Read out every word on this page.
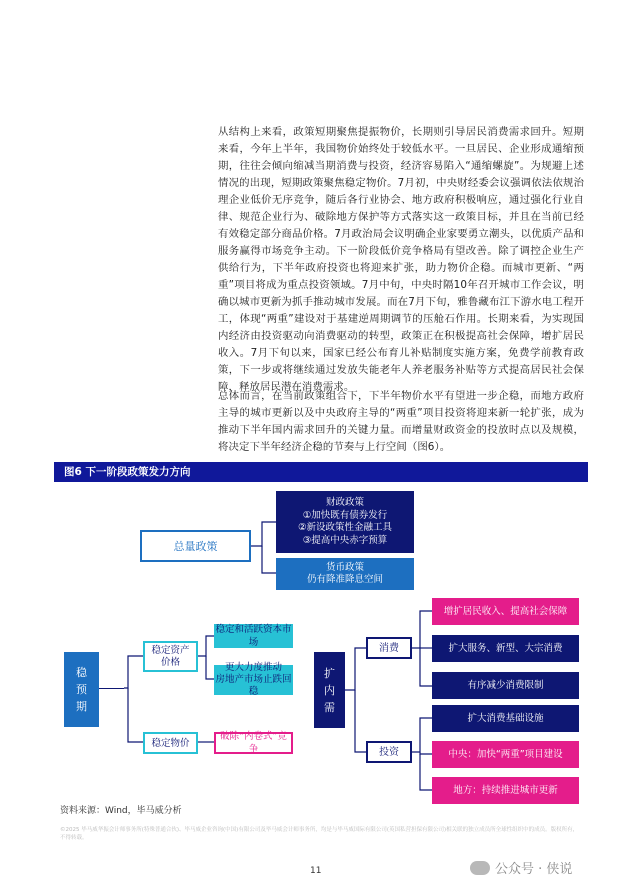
从结构上来看，政策短期聚焦提振物价，长期则引导居民消费需求回升。短期来看，今年上半年，我国物价始终处于较低水平。一旦居民、企业形成通缩预期，往往会倾向缩减当期消费与投资，经济容易陷入“通缩螺旋”。为规避上述情况的出现，短期政策聚焦稳定物价。7月初，中央财经委会议强调依法依规治理企业低价无序竞争，随后各行业协会、地方政府积极响应，通过强化行业自律、规范企业行为、破除地方保护等方式落实这一政策目标，并且在当前已经有效稳定部分商品价格。7月政治局会议明确企业家要勇立潮头，以优质产品和服务赢得市场竞争主动。下一阶段低价竞争格局有望改善。除了调控企业生产供给行为，下半年政府投资也将迎来扩张，助力物价企稳。而城市更新、“两重”项目将成为重点投资领域。7月中旬，中央时隔10年召开城市工作会议，明确以城市更新为抓手推动城市发展。而在7月下旬，雅鲁藏布江下游水电工程开工，体现“两重”建设对于基建逆周期调节的压舱石作用。长期来看，为实现国内经济由投资驱动向消费驱动的转型，政策正在积极提高社会保障，增扩居民收入。7月下旬以来，国家已经公布育儿补贴制度实施方案，免费学前教育政策，下一步或将继续通过发放失能老年人养老服务补贴等方式提高居民社会保障，释放居民潜在消费需求。

总体而言，在当前政策组合下，下半年物价水平有望进一步企稳，而地方政府主导的城市更新以及中央政府主导的“两重”项目投资将迎来新一轮扩张，成为推动下半年国内需求回升的关键力量。而增量财政资金的投放时点以及规模，将决定下半年经济企稳的节奏与上行空间（图6）。

图6 下一阶段政策发力方向
总量政策
财政政策
①加快既有债券发行
②新设政策性金融工具
③提高中央赤字预算
货币政策
仍有降准降息空间
稳
预
期
稳定资产
价格
稳定和活跃资本市场
更大力度推动
房地产市场止跌回稳
稳定物价
破除“内卷式”竞争
扩
内
需
消费
投资
增扩居民收入、提高社会保障
扩大服务、新型、大宗消费
有序减少消费限制
扩大消费基础设施
中央：加快“两重”项目建设
地方：持续推进城市更新
资料来源：Wind，毕马威分析
©2025 毕马威华振会计师事务所(特殊普通合伙)、毕马威企业咨询(中国)有限公司及毕马威会计师事务所，均是与毕马威国际有限公司(英国私营担保有限公司)相关联的独立成员所全球性组织中的成员。版权所有，不得转载。
11	公众号 · 侠说
